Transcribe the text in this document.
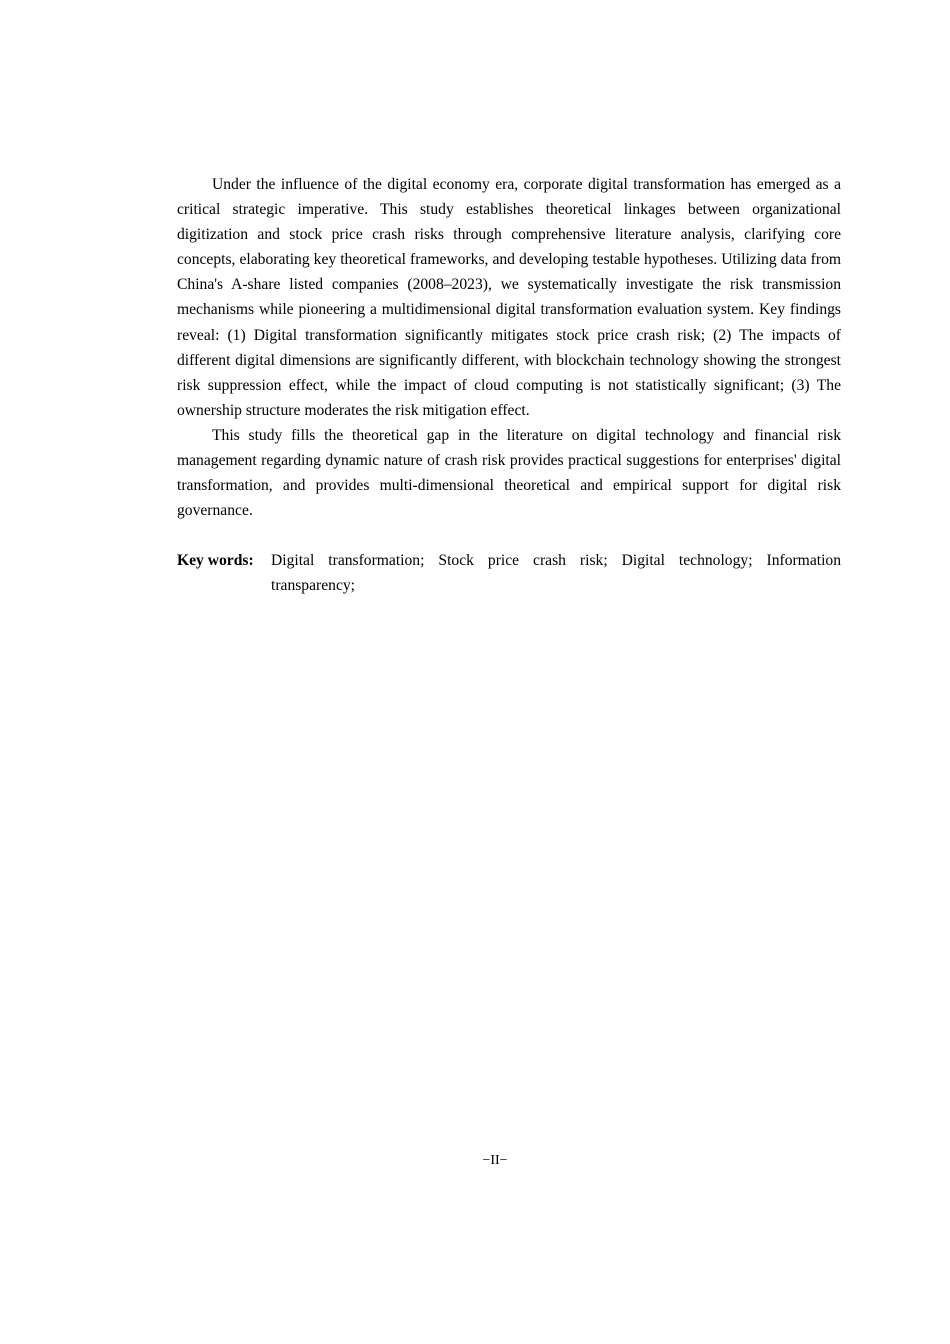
Under the influence of the digital economy era, corporate digital transformation has emerged as a critical strategic imperative. This study establishes theoretical linkages between organizational digitization and stock price crash risks through comprehensive literature analysis, clarifying core concepts, elaborating key theoretical frameworks, and developing testable hypotheses. Utilizing data from China's A-share listed companies (2008–2023), we systematically investigate the risk transmission mechanisms while pioneering a multidimensional digital transformation evaluation system. Key findings reveal: (1) Digital transformation significantly mitigates stock price crash risk; (2) The impacts of different digital dimensions are significantly different, with blockchain technology showing the strongest risk suppression effect, while the impact of cloud computing is not statistically significant; (3) The ownership structure moderates the risk mitigation effect.

This study fills the theoretical gap in the literature on digital technology and financial risk management regarding dynamic nature of crash risk provides practical suggestions for enterprises' digital transformation, and provides multi-dimensional theoretical and empirical support for digital risk governance.

Key words: Digital transformation; Stock price crash risk; Digital technology; Information transparency;
−II−
